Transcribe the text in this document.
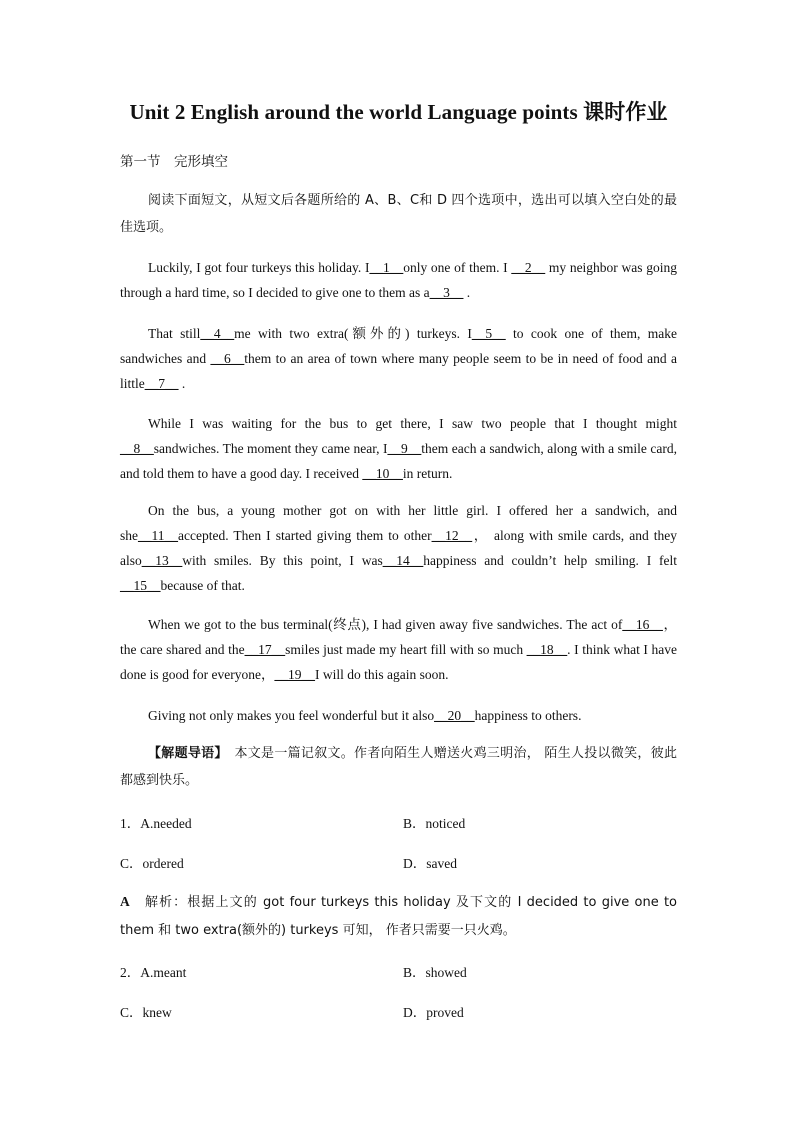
Unit 2 English around the world Language points 课时作业
第一节　完形填空
阅读下面短文，从短文后各题所给的 A、B、C和 D 四个选项中，选出可以填入空白处的最佳选项。
Luckily, I got four turkeys this holiday. I__1__only one of them. I __2__ my neighbor was going through a hard time, so I decided to give one to them as a__3__ .
That still__4__me with two extra(额外的) turkeys. I__5__ to cook one of them, make sandwiches and __6__them to an area of town where many people seem to be in need of food and a little__7__ .
While I was waiting for the bus to get there, I saw two people that I thought might __8__sandwiches. The moment they came near, I__9__them each a sandwich, along with a smile card, and told them to have a good day. I received __10__in return.
On the bus, a young mother got on with her little girl. I offered her a sandwich, and she__11__accepted. Then I started giving them to other__12__， along with smile cards, and they also__13__with smiles. By this point, I was__14__happiness and couldn’t help smiling. I felt __15__because of that.
When we got to the bus terminal(终点), I had given away five sandwiches. The act of__16__，the care shared and the__17__smiles just made my heart fill with so much __18__. I think what I have done is good for everyone，__19__I will do this again soon.
Giving not only makes you feel wonderful but it also__20__happiness to others.
【解题导语】　本文是一篇记叙文。作者向陌生人赠送火鸡三明治， 陌生人投以微笑，彼此都感到快乐。
1．A.needed	B．noticed
C．ordered	D．saved
A　解析：根据上文的 got four turkeys this holiday 及下文的 I decided to give one to them 和 two extra(额外的) turkeys 可知， 作者只需要一只火鸡。
2．A.meant	B．showed
C．knew	D．proved
